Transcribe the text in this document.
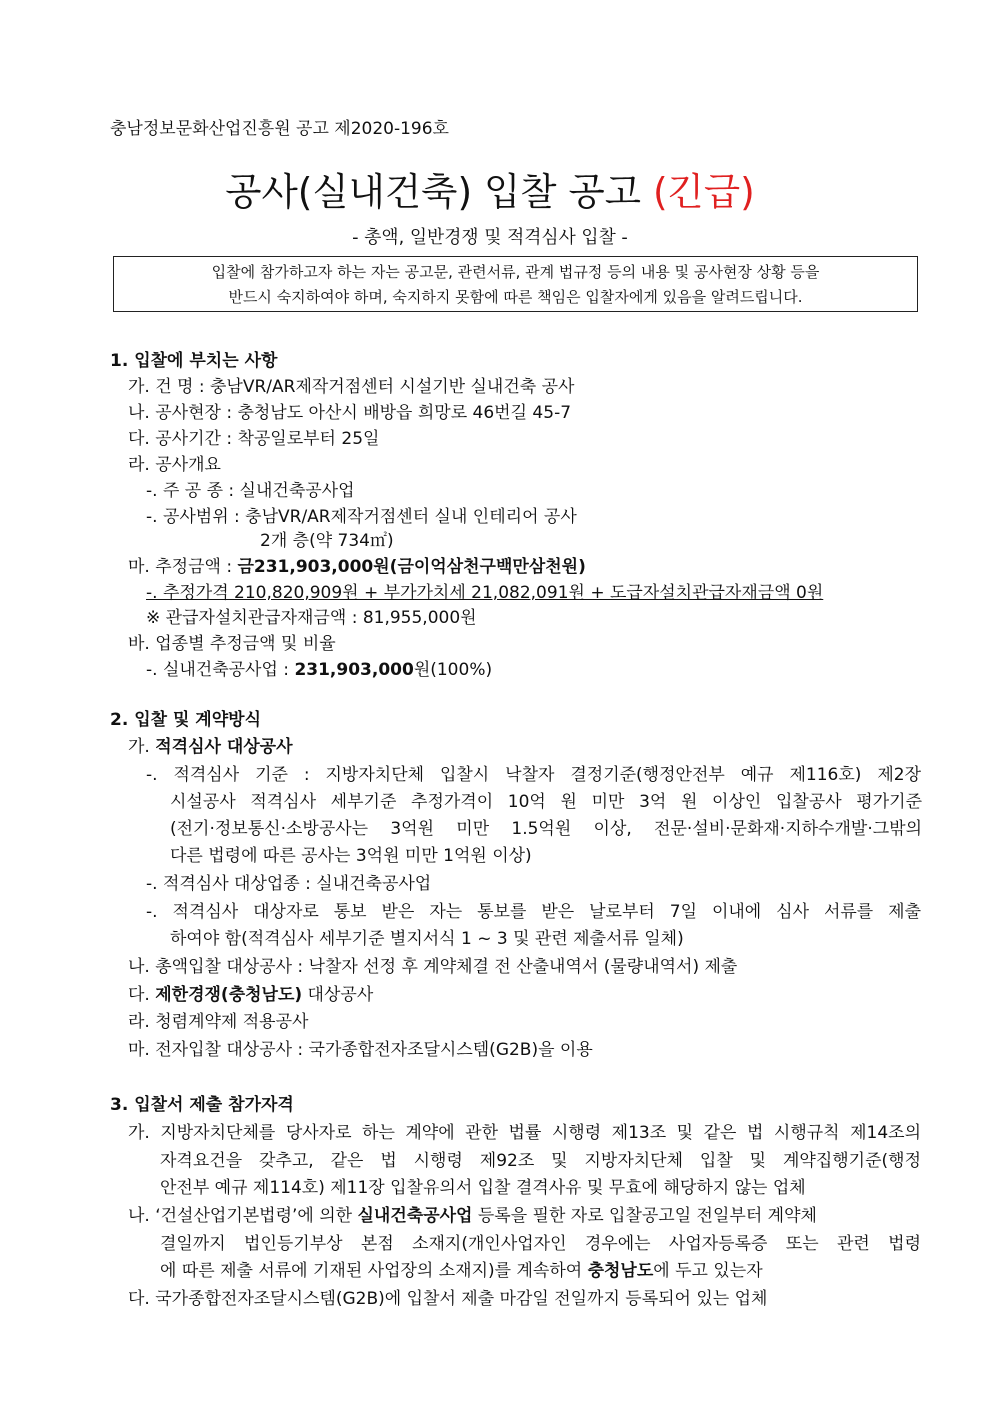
충남정보문화산업진흥원 공고 제2020-196호
공사(실내건축) 입찰 공고 (긴급)
- 총액, 일반경쟁 및 적격심사 입찰 -
입찰에 참가하고자 하는 자는 공고문, 관련서류, 관계 법규정 등의 내용 및 공사현장 상황 등을
반드시 숙지하여야 하며, 숙지하지 못함에 따른 책임은 입찰자에게 있음을 알려드립니다.
1. 입찰에 부치는 사항
가. 건 명 : 충남VR/AR제작거점센터 시설기반 실내건축 공사
나. 공사현장 : 충청남도 아산시 배방읍 희망로 46번길 45-7
다. 공사기간 : 착공일로부터 25일
라. 공사개요
-. 주 공 종 : 실내건축공사업
-. 공사범위 : 충남VR/AR제작거점센터 실내 인테리어 공사
2개 층(약 734㎡)
마. 추정금액 : 금231,903,000원(금이억삼천구백만삼천원)
-. 추정가격 210,820,909원 + 부가가치세 21,082,091원 + 도급자설치관급자재금액 0원
※ 관급자설치관급자재금액 : 81,955,000원
바. 업종별 추정금액 및 비율
-. 실내건축공사업 : 231,903,000원(100%)
2. 입찰 및 계약방식
가. 적격심사 대상공사
-. 적격심사 기준 : 지방자치단체 입찰시 낙찰자 결정기준(행정안전부 예규 제116호) 제2장
시설공사 적격심사 세부기준 추정가격이 10억 원 미만 3억 원 이상인 입찰공사 평가기준
(전기·정보통신·소방공사는 3억원 미만 1.5억원 이상, 전문·설비·문화재·지하수개발·그밖의
다른 법령에 따른 공사는 3억원 미만 1억원 이상)
-. 적격심사 대상업종 : 실내건축공사업
-. 적격심사 대상자로 통보 받은 자는 통보를 받은 날로부터 7일 이내에 심사 서류를 제출
하여야 함(적격심사 세부기준 별지서식 1 ~ 3 및 관련 제출서류 일체)
나. 총액입찰 대상공사 : 낙찰자 선정 후 계약체결 전 산출내역서 (물량내역서) 제출
다. 제한경쟁(충청남도) 대상공사
라. 청렴계약제 적용공사
마. 전자입찰 대상공사 : 국가종합전자조달시스템(G2B)을 이용
3. 입찰서 제출 참가자격
가. 지방자치단체를 당사자로 하는 계약에 관한 법률 시행령 제13조 및 같은 법 시행규칙 제14조의
자격요건을 갖추고, 같은 법 시행령 제92조 및 지방자치단체 입찰 및 계약집행기준(행정
안전부 예규 제114호) 제11장 입찰유의서 입찰 결격사유 및 무효에 해당하지 않는 업체
나. ‘건설산업기본법령’에 의한 실내건축공사업 등록을 필한 자로 입찰공고일 전일부터 계약체
결일까지 법인등기부상 본점 소재지(개인사업자인 경우에는 사업자등록증 또는 관련 법령
에 따른 제출 서류에 기재된 사업장의 소재지)를 계속하여 충청남도에 두고 있는자
다. 국가종합전자조달시스템(G2B)에 입찰서 제출 마감일 전일까지 등록되어 있는 업체
